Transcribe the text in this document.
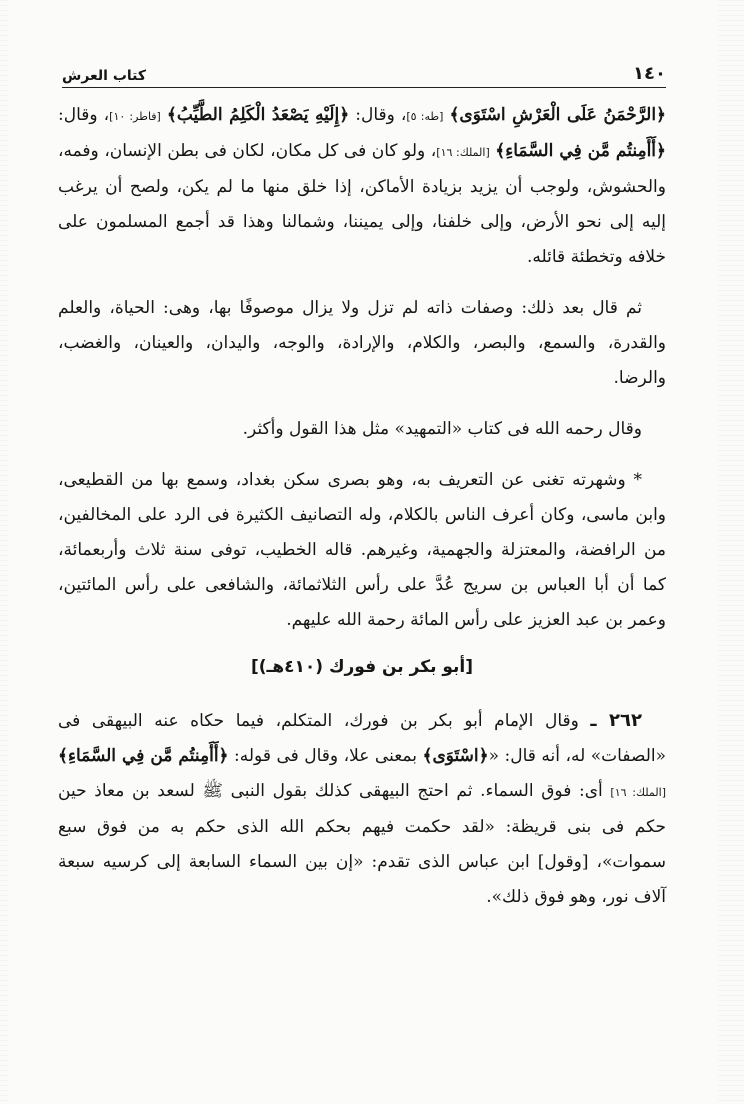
١٤٠
كتاب العرش

﴿الرَّحْمَنُ عَلَى الْعَرْشِ اسْتَوَى﴾ [طه: ٥]، وقال: ﴿إِلَيْهِ يَصْعَدُ الْكَلِمُ الطَّيِّبُ﴾ [فاطر: ١٠]، وقال: ﴿أَأَمِنتُم مَّن فِي السَّمَاءِ﴾ [الملك: ١٦]، ولو كان فى كل مكان، لكان فى بطن الإنسان، وفمه، والحشوش، ولوجب أن يزيد بزيادة الأماكن، إذا خلق منها ما لم يكن، ولصح أن يرغب إليه إلى نحو الأرض، وإلى خلفنا، وإلى يميننا، وشمالنا وهذا قد أجمع المسلمون على خلافه وتخطئة قائله.

ثم قال بعد ذلك: وصفات ذاته لم تزل ولا يزال موصوفًا بها، وهى: الحياة، والعلم والقدرة، والسمع، والبصر، والكلام، والإرادة، والوجه، واليدان، والعينان، والغضب، والرضا.

وقال رحمه الله فى كتاب «التمهيد» مثل هذا القول وأكثر.

* وشهرته تغنى عن التعريف به، وهو بصرى سكن بغداد، وسمع بها من القطيعى، وابن ماسى، وكان أعرف الناس بالكلام، وله التصانيف الكثيرة فى الرد على المخالفين، من الرافضة، والمعتزلة والجهمية، وغيرهم. قاله الخطيب، توفى سنة ثلاث وأربعمائة، كما أن أبا العباس بن سريج عُدَّ على رأس الثلاثمائة، والشافعى على رأس المائتين، وعمر بن عبد العزيز على رأس المائة رحمة الله عليهم.

[أبو بكر بن فورك (٤١٠هـ)]

٢٦٢ ـ وقال الإمام أبو بكر بن فورك، المتكلم، فيما حكاه عنه البيهقى فى «الصفات» له، أنه قال: «﴿اسْتَوَى﴾ بمعنى علا، وقال فى قوله: ﴿أَأَمِنتُم مَّن فِي السَّمَاءِ﴾ [الملك: ١٦] أى: فوق السماء. ثم احتج البيهقى كذلك بقول النبى ﷺ لسعد بن معاذ حين حكم فى بنى قريظة: «لقد حكمت فيهم بحكم الله الذى حكم به من فوق سبع سموات»، [وقول] ابن عباس الذى تقدم: «إن بين السماء السابعة إلى كرسيه سبعة آلاف نور، وهو فوق ذلك».
